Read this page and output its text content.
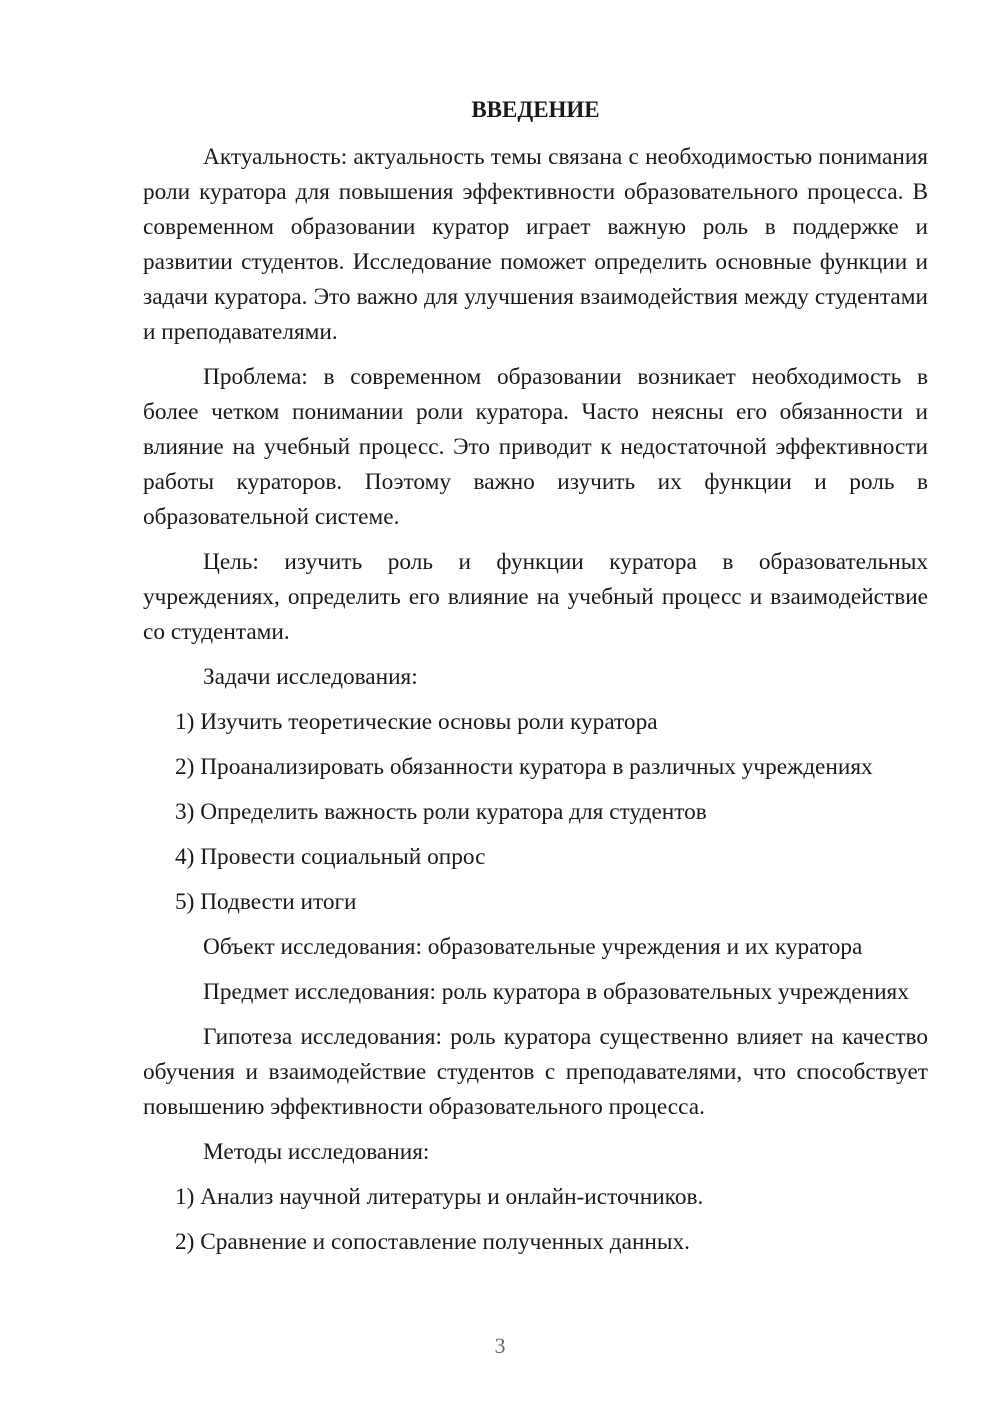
ВВЕДЕНИЕ

Актуальность: актуальность темы связана с необходимостью понимания роли куратора для повышения эффективности образовательного процесса. В современном образовании куратор играет важную роль в поддержке и развитии студентов. Исследование поможет определить основные функции и задачи куратора. Это важно для улучшения взаимодействия между студентами и преподавателями.

Проблема: в современном образовании возникает необходимость в более четком понимании роли куратора. Часто неясны его обязанности и влияние на учебный процесс. Это приводит к недостаточной эффективности работы кураторов. Поэтому важно изучить их функции и роль в образовательной системе.

Цель: изучить роль и функции куратора в образовательных учреждениях, определить его влияние на учебный процесс и взаимодействие со студентами.

Задачи исследования:

1) Изучить теоретические основы роли куратора
2) Проанализировать обязанности куратора в различных учреждениях
3) Определить важность роли куратора для студентов
4) Провести социальный опрос
5) Подвести итоги

Объект исследования: образовательные учреждения и их куратора

Предмет исследования: роль куратора в образовательных учреждениях

Гипотеза исследования: роль куратора существенно влияет на качество обучения и взаимодействие студентов с преподавателями, что способствует повышению эффективности образовательного процесса.

Методы исследования:

1) Анализ научной литературы и онлайн-источников.
2) Сравнение и сопоставление полученных данных.
3
